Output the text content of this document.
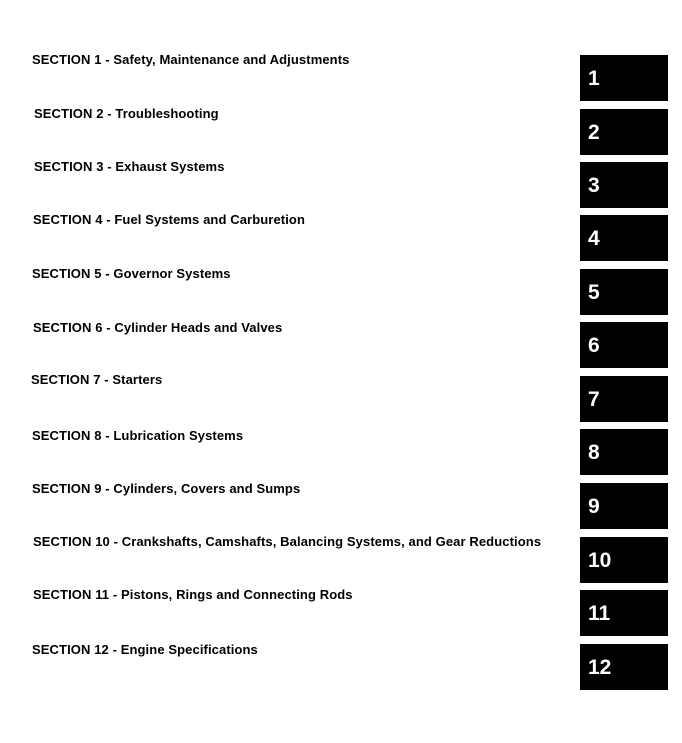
SECTION 1 - Safety, Maintenance and Adjustments
1
SECTION 2 - Troubleshooting
2
SECTION 3 - Exhaust Systems
3
SECTION 4 - Fuel Systems and Carburetion
4
SECTION 5 - Governor Systems
5
SECTION 6 - Cylinder Heads and Valves
6
SECTION 7 - Starters
7
SECTION 8 - Lubrication Systems
8
SECTION 9 - Cylinders, Covers and Sumps
9
SECTION 10 - Crankshafts, Camshafts, Balancing Systems, and Gear Reductions
10
SECTION 11 - Pistons, Rings and Connecting Rods
11
SECTION 12 - Engine Specifications
12
